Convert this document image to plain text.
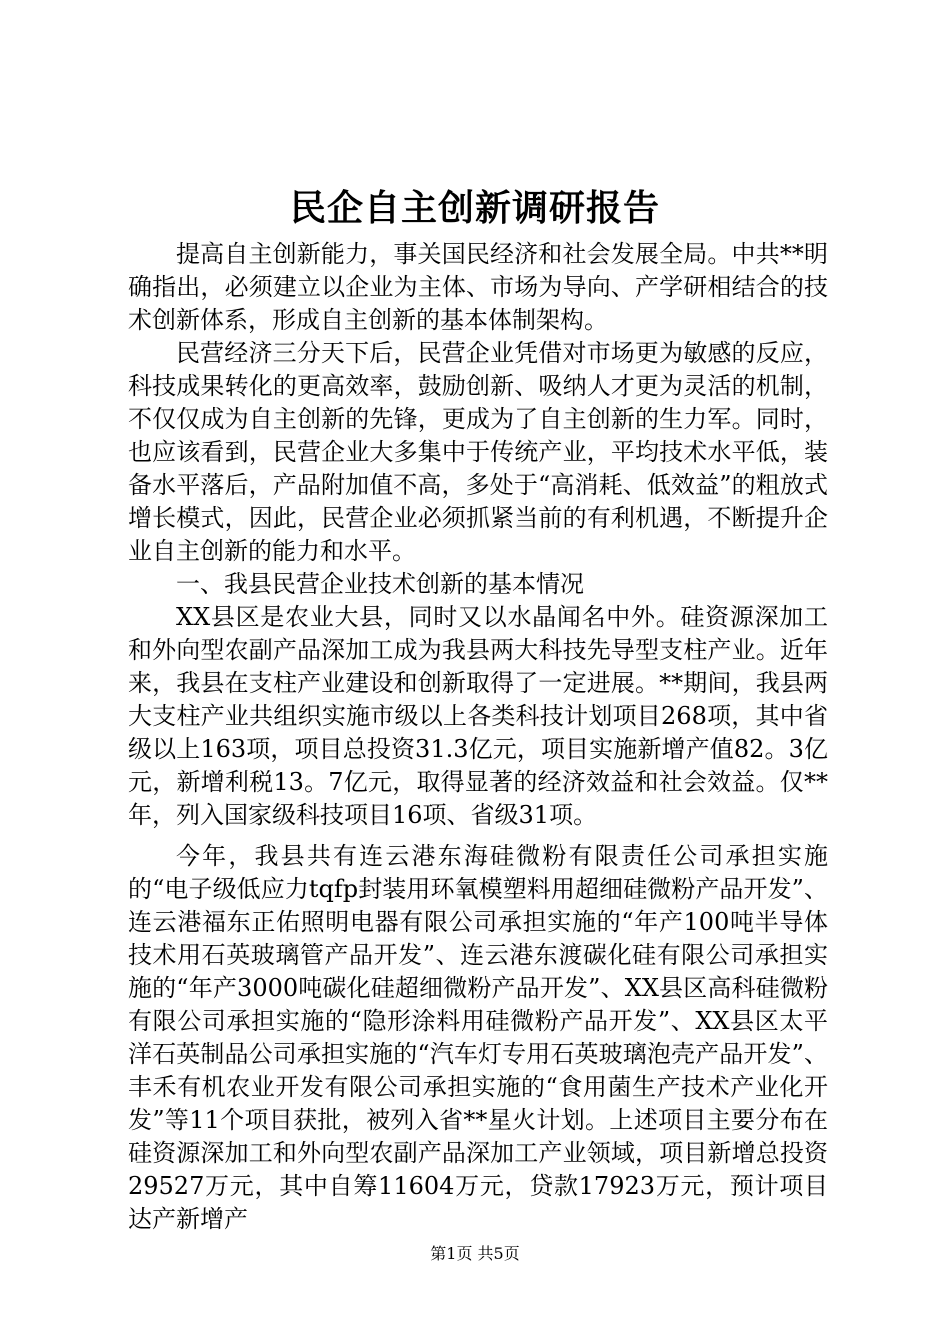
民企自主创新调研报告

提高自主创新能力，事关国民经济和社会发展全局。中共**明确指出，必须建立以企业为主体、市场为导向、产学研相结合的技术创新体系，形成自主创新的基本体制架构。

民营经济三分天下后，民营企业凭借对市场更为敏感的反应，科技成果转化的更高效率，鼓励创新、吸纳人才更为灵活的机制，不仅仅成为自主创新的先锋，更成为了自主创新的生力军。同时，也应该看到，民营企业大多集中于传统产业，平均技术水平低，装备水平落后，产品附加值不高，多处于“高消耗、低效益”的粗放式增长模式，因此，民营企业必须抓紧当前的有利机遇，不断提升企业自主创新的能力和水平。

一、我县民营企业技术创新的基本情况

XX县区是农业大县，同时又以水晶闻名中外。硅资源深加工和外向型农副产品深加工成为我县两大科技先导型支柱产业。近年来，我县在支柱产业建设和创新取得了一定进展。**期间，我县两大支柱产业共组织实施市级以上各类科技计划项目268项，其中省级以上163项，项目总投资31.3亿元，项目实施新增产值82。3亿元，新增利税13。7亿元，取得显著的经济效益和社会效益。仅**年，列入国家级科技项目16项、省级31项。

今年，我县共有连云港东海硅微粉有限责任公司承担实施的“电子级低应力tqfp封装用环氧模塑料用超细硅微粉产品开发”、连云港福东正佑照明电器有限公司承担实施的“年产100吨半导体技术用石英玻璃管产品开发”、连云港东渡碳化硅有限公司承担实施的“年产3000吨碳化硅超细微粉产品开发”、XX县区高科硅微粉有限公司承担实施的“隐形涂料用硅微粉产品开发”、XX县区太平洋石英制品公司承担实施的“汽车灯专用石英玻璃泡壳产品开发”、丰禾有机农业开发有限公司承担实施的“食用菌生产技术产业化开发”等11个项目获批，被列入省**星火计划。上述项目主要分布在硅资源深加工和外向型农副产品深加工产业领域，项目新增总投资29527万元，其中自筹11604万元，贷款17923万元，预计项目达产新增产

第1页 共5页
